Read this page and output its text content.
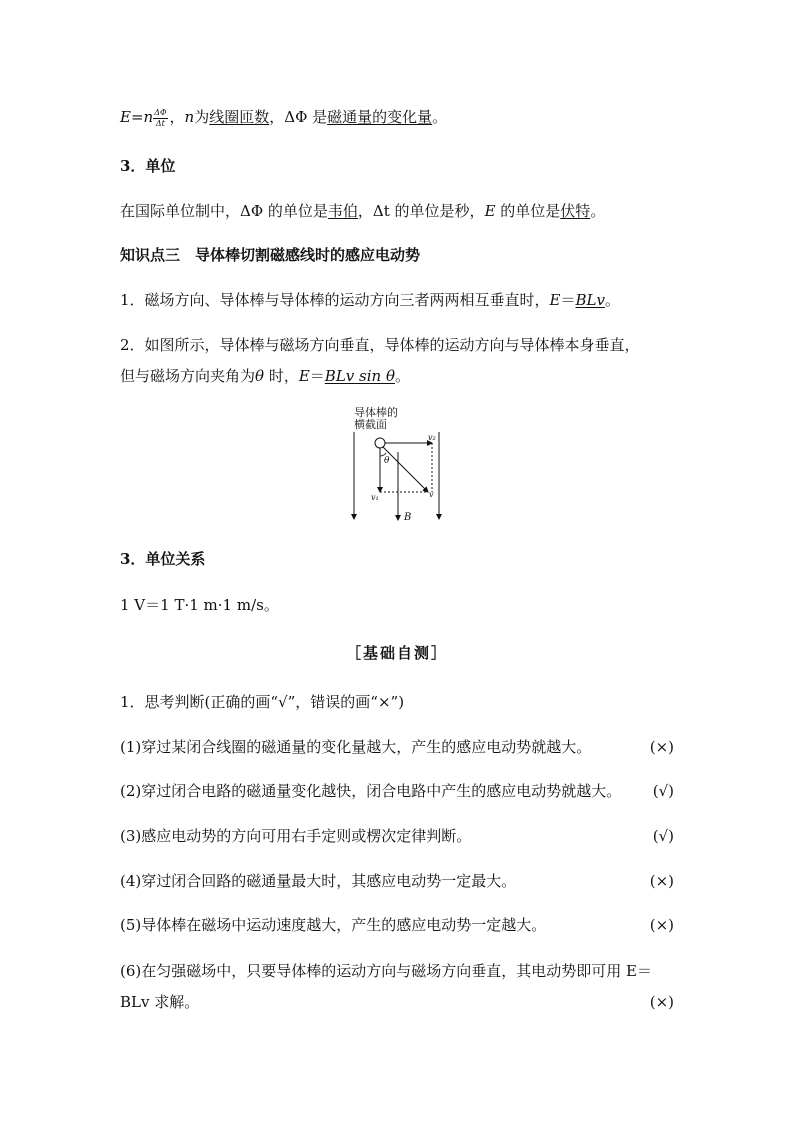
$E=n \frac{\Delta\Phi}{\Delta t}$ ，n为线圈匝数，ΔΦ 是磁通量的变化量。
3．单位
在国际单位制中，ΔΦ 的单位是韦伯，Δt 的单位是秒，E 的单位是伏特。
知识点三　导体棒切割磁感线时的感应电动势
1．磁场方向、导体棒与导体棒的运动方向三者两两相互垂直时，E＝BLv。
2．如图所示，导体棒与磁场方向垂直，导体棒的运动方向与导体棒本身垂直，
但与磁场方向夹角为θ 时，E＝BLv sin θ。
导体棒的
横截面
θ
v₂
v₁	v
B
3．单位关系
1 V＝1 T·1 m·1 m/s。
［基础自测］
1．思考判断(正确的画“√”，错误的画“×”)
(1)穿过某闭合线圈的磁通量的变化量越大，产生的感应电动势就越大。	(×)
(2)穿过闭合电路的磁通量变化越快，闭合电路中产生的感应电动势就越大。 (√)
(3)感应电动势的方向可用右手定则或楞次定律判断。	(√)
(4)穿过闭合回路的磁通量最大时，其感应电动势一定最大。	(×)
(5)导体棒在磁场中运动速度越大，产生的感应电动势一定越大。	(×)
(6)在匀强磁场中，只要导体棒的运动方向与磁场方向垂直，其电动势即可用 E＝
BLv 求解。	(×)
